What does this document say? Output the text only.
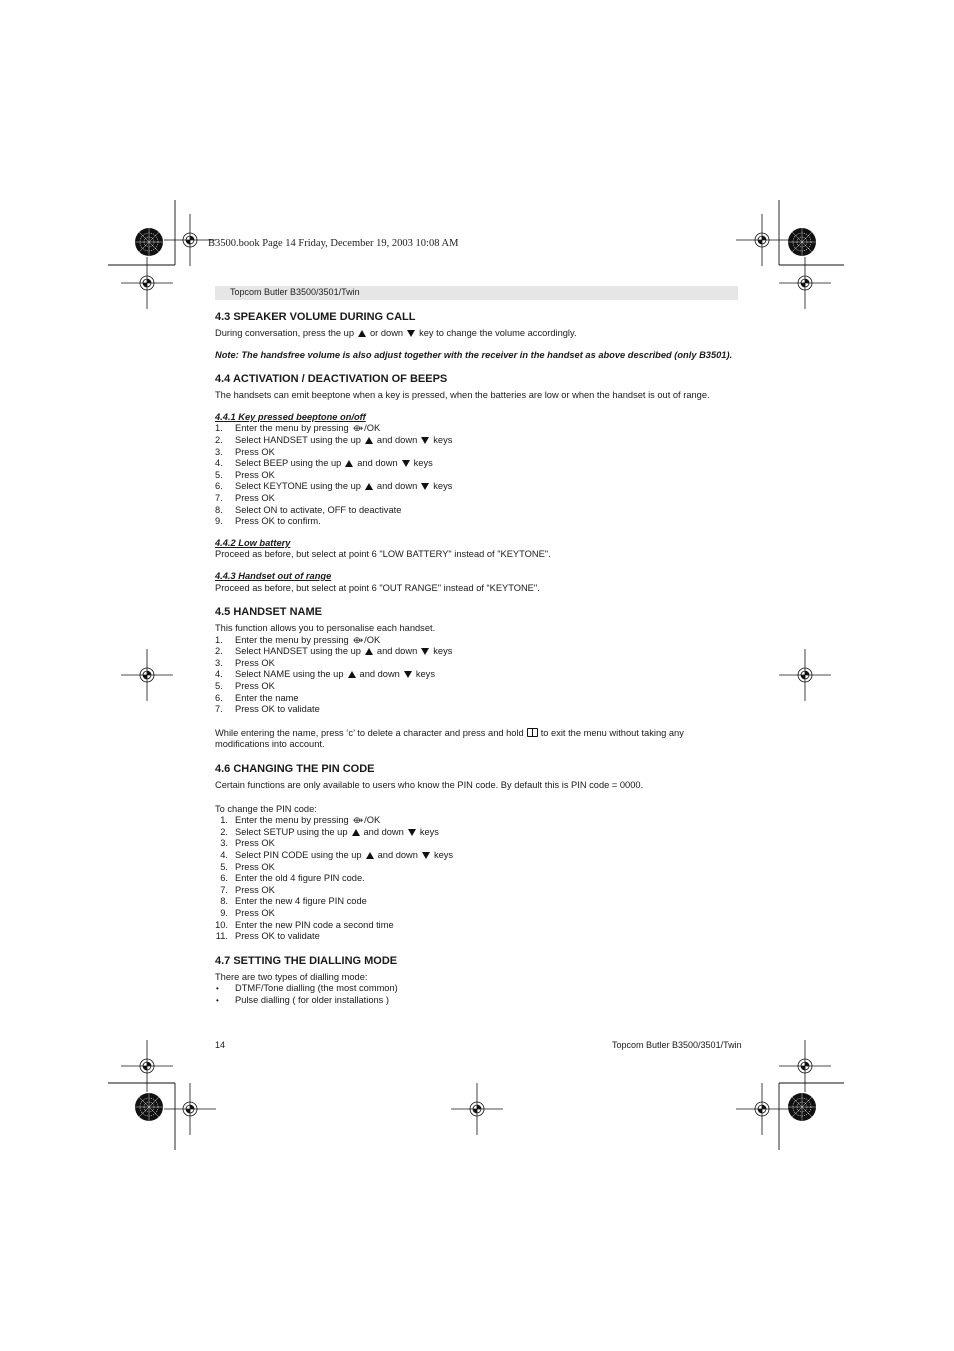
B3500.book Page 14 Friday, December 19, 2003 10:08 AM
Topcom Butler B3500/3501/Twin
4.3 SPEAKER VOLUME DURING CALL

During conversation, press the up or down key to change the volume accordingly.

Note: The handsfree volume is also adjust together with the receiver in the handset as above described (only B3501).

4.4 ACTIVATION / DEACTIVATION OF BEEPS

The handsets can emit beeptone when a key is pressed, when the batteries are low or when the handset is out of range.

4.4.1 Key pressed beeptone on/off
1.	Enter the menu by pressing ⟴/OK
2.	Select HANDSET using the up and down keys
3.	Press OK
4.	Select BEEP using the up and down keys
5.	Press OK
6.	Select KEYTONE using the up and down keys
7.	Press OK
8.	Select ON to activate, OFF to deactivate
9.	Press OK to confirm.
4.4.2 Low battery

Proceed as before, but select at point 6 "LOW BATTERY" instead of "KEYTONE".

4.4.3 Handset out of range

Proceed as before, but select at point 6 "OUT RANGE" instead of “KEYTONE".

4.5 HANDSET NAME

This function allows you to personalise each handset.

1.	Enter the menu by pressing ⟴/OK
2.	Select HANDSET using the up and down keys
3.	Press OK
4.	Select NAME using the up and down keys
5.	Press OK
6.	Enter the name
7.	Press OK to validate

While entering the name, press ‘c’ to delete a character and press and hold to exit the menu without taking any modifications into account.

4.6 CHANGING THE PIN CODE

Certain functions are only available to users who know the PIN code. By default this is PIN code = 0000.

To change the PIN code:

1. Enter the menu by pressing ⟴/OK
2. Select SETUP using the up and down keys
3. Press OK
4. Select PIN CODE using the up and down keys
5. Press OK
6. Enter the old 4 figure PIN code.
7. Press OK
8. Enter the new 4 figure PIN code
9. Press OK
10. Enter the new PIN code a second time
11. Press OK to validate
4.7 SETTING THE DIALLING MODE

There are two types of dialling mode:

• DTMF/Tone dialling (the most common)
• Pulse dialling ( for older installations )
14	Topcom Butler B3500/3501/Twin
